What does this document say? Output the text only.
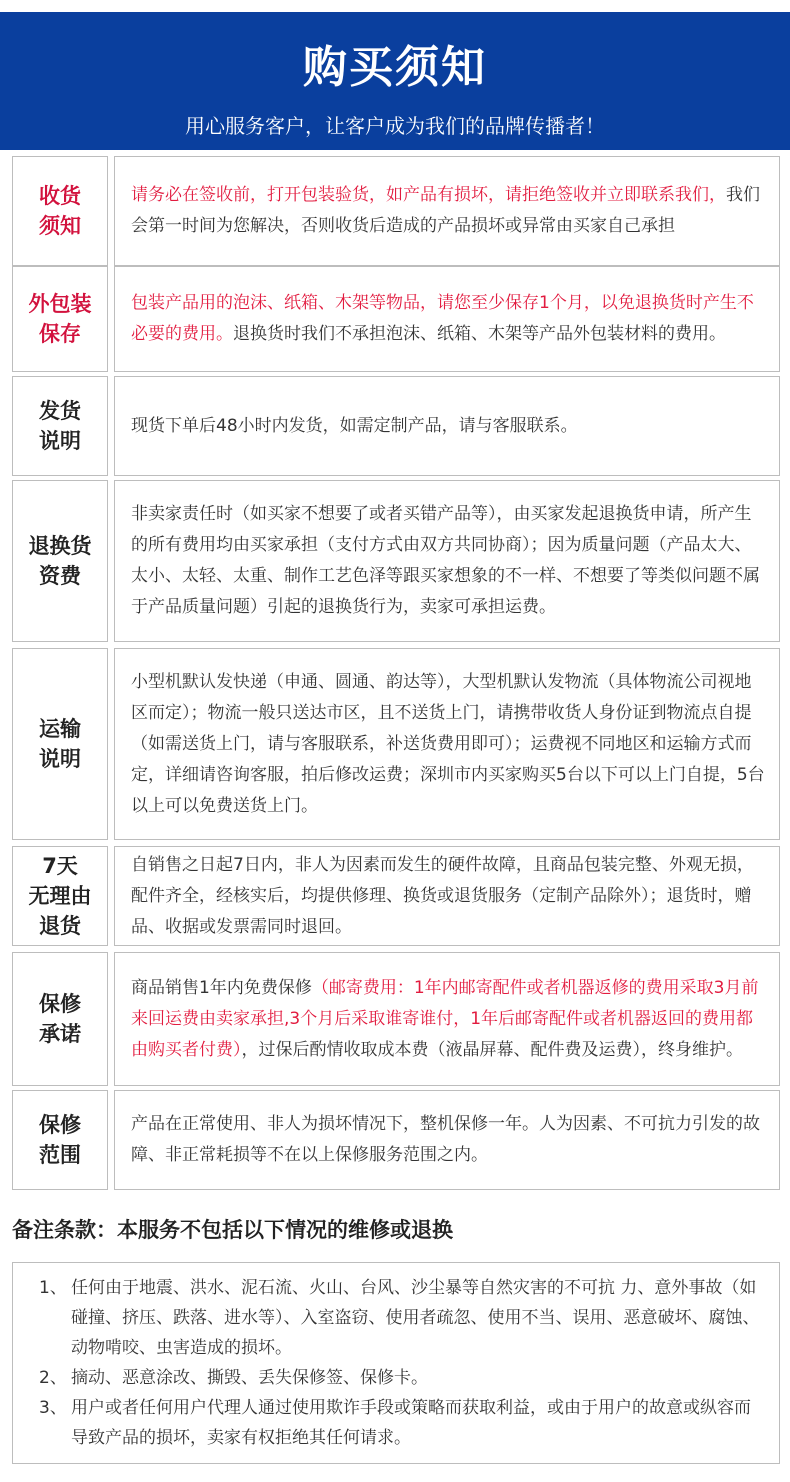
购买须知
用心服务客户，让客户成为我们的品牌传播者！
收货
须知

请务必在签收前，打开包装验货，如产品有损坏，请拒绝签收并立即联系我们，我们会第一时间为您解决，否则收货后造成的产品损坏或异常由买家自己承担

外包装
保存

包装产品用的泡沫、纸箱、木架等物品，请您至少保存1个月，以免退换货时产生不必要的费用。退换货时我们不承担泡沫、纸箱、木架等产品外包装材料的费用。

发货
说明

现货下单后48小时内发货，如需定制产品，请与客服联系。

退换货
资费

非卖家责任时（如买家不想要了或者买错产品等），由买家发起退换货申请，所产生的所有费用均由买家承担（支付方式由双方共同协商）；因为质量问题（产品太大、太小、太轻、太重、制作工艺色泽等跟买家想象的不一样、不想要了等类似问题不属于产品质量问题）引起的退换货行为，卖家可承担运费。

运输
说明

小型机默认发快递（申通、圆通、韵达等），大型机默认发物流（具体物流公司视地区而定）；物流一般只送达市区，且不送货上门，请携带收货人身份证到物流点自提（如需送货上门，请与客服联系，补送货费用即可）；运费视不同地区和运输方式而定，详细请咨询客服，拍后修改运费；深圳市内买家购买5台以下可以上门自提，5台以上可以免费送货上门。

7天
无理由
退货

自销售之日起7日内，非人为因素而发生的硬件故障，且商品包装完整、外观无损，配件齐全，经核实后，均提供修理、换货或退货服务（定制产品除外）；退货时，赠品、收据或发票需同时退回。

保修
承诺

商品销售1年内免费保修（邮寄费用：1年内邮寄配件或者机器返修的费用采取3月前来回运费由卖家承担,3个月后采取谁寄谁付，1年后邮寄配件或者机器返回的费用都由购买者付费），过保后酌情收取成本费（液晶屏幕、配件费及运费），终身维护。

保修
范围

产品在正常使用、非人为损坏情况下，整机保修一年。人为因素、不可抗力引发的故障、非正常耗损等不在以上保修服务范围之内。

备注条款：本服务不包括以下情况的维修或退换
1、 任何由于地震、洪水、泥石流、火山、台风、沙尘暴等自然灾害的不可抗 力、意外事故（如碰撞、挤压、跌落、进水等）、入室盗窃、使用者疏忽、使用不当、误用、恶意破坏、腐蚀、动物啃咬、虫害造成的损坏。
2、 摘动、恶意涂改、撕毁、丢失保修签、保修卡。
3、 用户或者任何用户代理人通过使用欺诈手段或策略而获取利益，或由于用户的故意或纵容而导致产品的损坏，卖家有权拒绝其任何请求。
